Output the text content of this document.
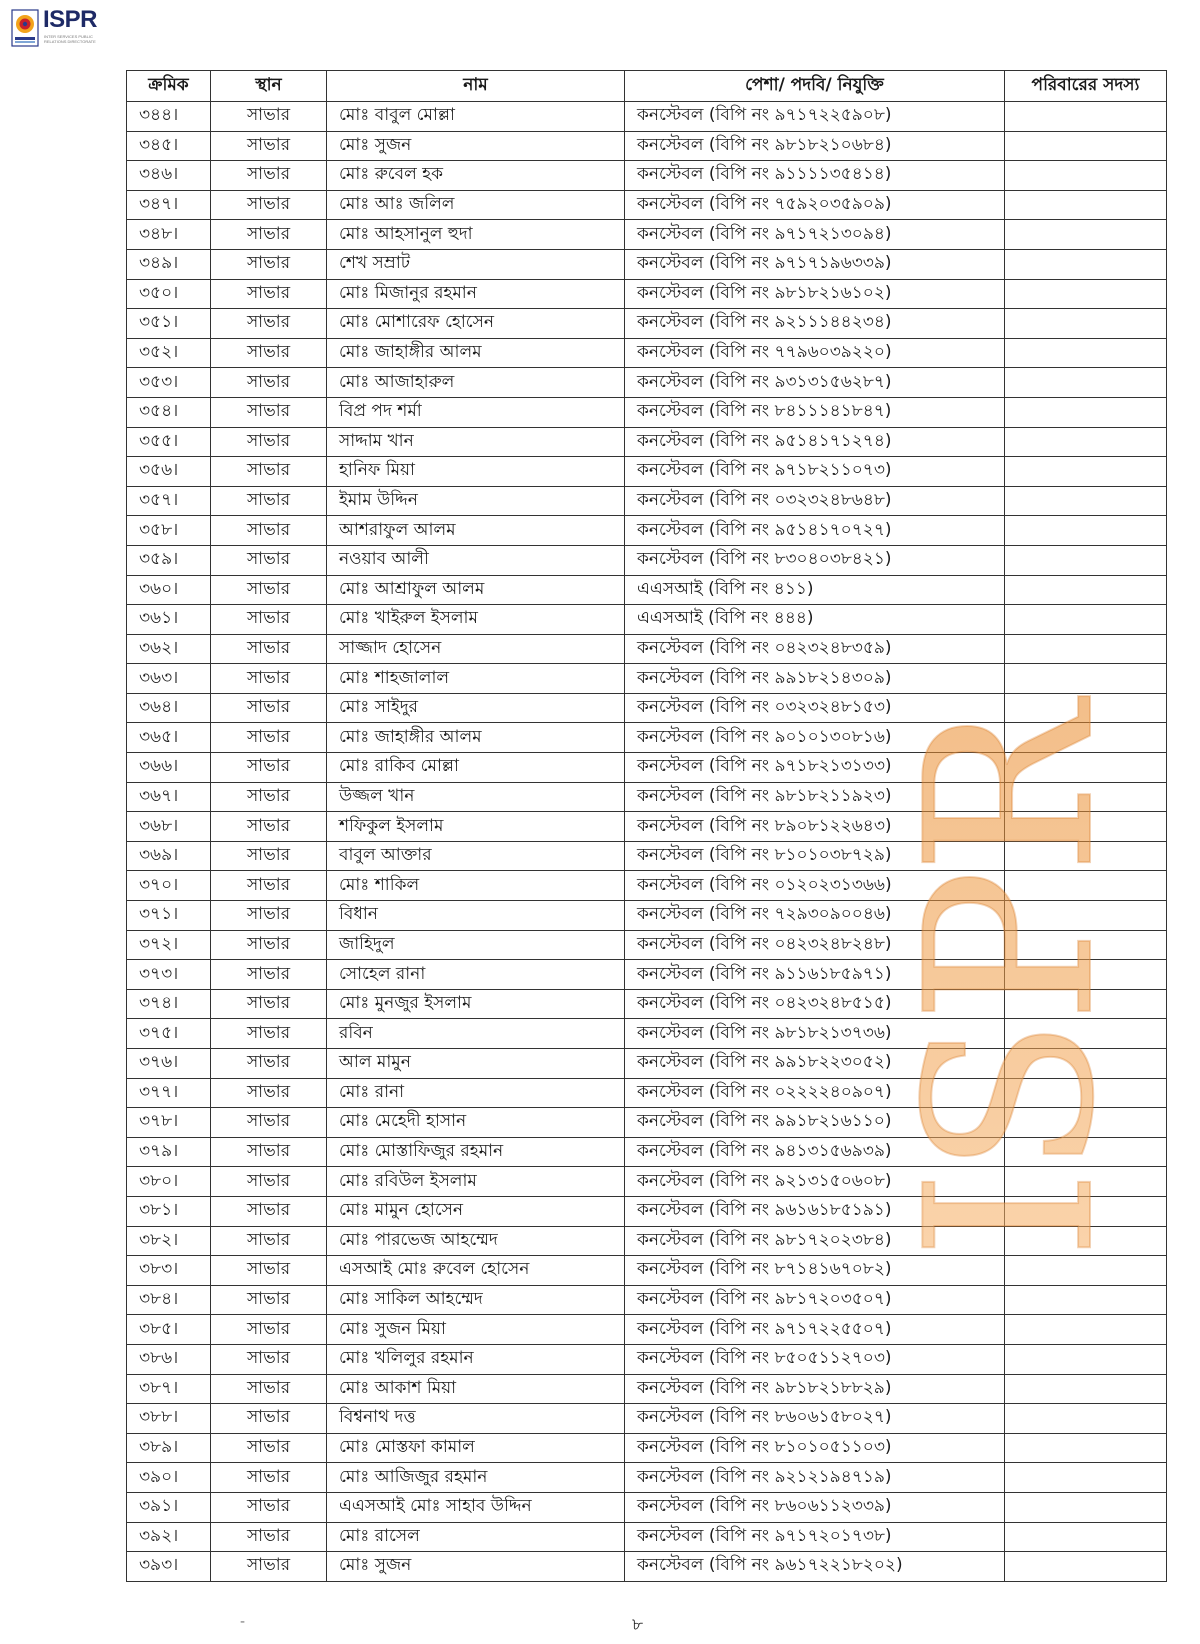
ISPR
INTER SERVICES PUBLIC RELATIONS DIRECTORATE
ক্রমিক	স্থান	নাম	পেশা/ পদবি/ নিযুক্তি	পরিবারের সদস্য
৩৪৪।	সাভার	মোঃ বাবুল মোল্লা	কনস্টেবল (বিপি নং ৯৭১৭২২৫৯০৮)	
৩৪৫।	সাভার	মোঃ সুজন	কনস্টেবল (বিপি নং ৯৮১৮২১০৬৮৪)	
৩৪৬।	সাভার	মোঃ রুবেল হক	কনস্টেবল (বিপি নং ৯১১১১৩৫৪১৪)	
৩৪৭।	সাভার	মোঃ আঃ জলিল	কনস্টেবল (বিপি নং ৭৫৯২০৩৫৯০৯)	
৩৪৮।	সাভার	মোঃ আহসানুল হুদা	কনস্টেবল (বিপি নং ৯৭১৭২১৩০৯৪)	
৩৪৯।	সাভার	শেখ সম্রাট	কনস্টেবল (বিপি নং ৯৭১৭১৯৬৩৩৯)	
৩৫০।	সাভার	মোঃ মিজানুর রহমান	কনস্টেবল (বিপি নং ৯৮১৮২১৬১০২)	
৩৫১।	সাভার	মোঃ মোশারেফ হোসেন	কনস্টেবল (বিপি নং ৯২১১১৪৪২৩৪)	
৩৫২।	সাভার	মোঃ জাহাঙ্গীর আলম	কনস্টেবল (বিপি নং ৭৭৯৬০৩৯২২০)	
৩৫৩।	সাভার	মোঃ আজাহারুল	কনস্টেবল (বিপি নং ৯৩১৩১৫৬২৮৭)	
৩৫৪।	সাভার	বিপ্র পদ শর্মা	কনস্টেবল (বিপি নং ৮৪১১১৪১৮৪৭)	
৩৫৫।	সাভার	সাদ্দাম খান	কনস্টেবল (বিপি নং ৯৫১৪১৭১২৭৪)	
৩৫৬।	সাভার	হানিফ মিয়া	কনস্টেবল (বিপি নং ৯৭১৮২১১০৭৩)	
৩৫৭।	সাভার	ইমাম উদ্দিন	কনস্টেবল (বিপি নং ০৩২৩২৪৮৬৪৮)	
৩৫৮।	সাভার	আশরাফুল আলম	কনস্টেবল (বিপি নং ৯৫১৪১৭০৭২৭)	
৩৫৯।	সাভার	নওয়াব আলী	কনস্টেবল (বিপি নং ৮৩০৪০৩৮৪২১)	
৩৬০।	সাভার	মোঃ আশ্রাফুল আলম	এএসআই (বিপি নং ৪১১)	
৩৬১।	সাভার	মোঃ খাইরুল ইসলাম	এএসআই (বিপি নং ৪৪৪)	
৩৬২।	সাভার	সাজ্জাদ হোসেন	কনস্টেবল (বিপি নং ০৪২৩২৪৮৩৫৯)	
৩৬৩।	সাভার	মোঃ শাহজালাল	কনস্টেবল (বিপি নং ৯৯১৮২১৪৩০৯)	
৩৬৪।	সাভার	মোঃ সাইদুর	কনস্টেবল (বিপি নং ০৩২৩২৪৮১৫৩)	
৩৬৫।	সাভার	মোঃ জাহাঙ্গীর আলম	কনস্টেবল (বিপি নং ৯০১০১৩০৮১৬)	
৩৬৬।	সাভার	মোঃ রাকিব মোল্লা	কনস্টেবল (বিপি নং ৯৭১৮২১৩১৩৩)	
৩৬৭।	সাভার	উজ্জল খান	কনস্টেবল (বিপি নং ৯৮১৮২১১৯২৩)	
৩৬৮।	সাভার	শফিকুল ইসলাম	কনস্টেবল (বিপি নং ৮৯০৮১২২৬৪৩)	
৩৬৯।	সাভার	বাবুল আক্তার	কনস্টেবল (বিপি নং ৮১০১০৩৮৭২৯)	
৩৭০।	সাভার	মোঃ শাকিল	কনস্টেবল (বিপি নং ০১২০২৩১৩৬৬)	
৩৭১।	সাভার	বিধান	কনস্টেবল (বিপি নং ৭২৯৩০৯০০৪৬)	
৩৭২।	সাভার	জাহিদুল	কনস্টেবল (বিপি নং ০৪২৩২৪৮২৪৮)	
৩৭৩।	সাভার	সোহেল রানা	কনস্টেবল (বিপি নং ৯১১৬১৮৫৯৭১)	
৩৭৪।	সাভার	মোঃ মুনজুর ইসলাম	কনস্টেবল (বিপি নং ০৪২৩২৪৮৫১৫)	
৩৭৫।	সাভার	রবিন	কনস্টেবল (বিপি নং ৯৮১৮২১৩৭৩৬)	
৩৭৬।	সাভার	আল মামুন	কনস্টেবল (বিপি নং ৯৯১৮২২৩০৫২)	
৩৭৭।	সাভার	মোঃ রানা	কনস্টেবল (বিপি নং ০২২২২৪০৯০৭)	
৩৭৮।	সাভার	মোঃ মেহেদী হাসান	কনস্টেবল (বিপি নং ৯৯১৮২১৬১১০)	
৩৭৯।	সাভার	মোঃ মোস্তাফিজুর রহমান	কনস্টেবল (বিপি নং ৯৪১৩১৫৬৯৩৯)	
৩৮০।	সাভার	মোঃ রবিউল ইসলাম	কনস্টেবল (বিপি নং ৯২১৩১৫০৬০৮)	
৩৮১।	সাভার	মোঃ মামুন হোসেন	কনস্টেবল (বিপি নং ৯৬১৬১৮৫১৯১)	
৩৮২।	সাভার	মোঃ পারভেজ আহম্মেদ	কনস্টেবল (বিপি নং ৯৮১৭২০২৩৮৪)	
৩৮৩।	সাভার	এসআই মোঃ রুবেল হোসেন	কনস্টেবল (বিপি নং ৮৭১৪১৬৭০৮২)	
৩৮৪।	সাভার	মোঃ সাকিল আহম্মেদ	কনস্টেবল (বিপি নং ৯৮১৭২০৩৫০৭)	
৩৮৫।	সাভার	মোঃ সুজন মিয়া	কনস্টেবল (বিপি নং ৯৭১৭২২৫৫০৭)	
৩৮৬।	সাভার	মোঃ খলিলুর রহমান	কনস্টেবল (বিপি নং ৮৫০৫১১২৭০৩)	
৩৮৭।	সাভার	মোঃ আকাশ মিয়া	কনস্টেবল (বিপি নং ৯৮১৮২১৮৮২৯)	
৩৮৮।	সাভার	বিশ্বনাথ দত্ত	কনস্টেবল (বিপি নং ৮৬০৬১৫৮০২৭)	
৩৮৯।	সাভার	মোঃ মোস্তফা কামাল	কনস্টেবল (বিপি নং ৮১০১০৫১১০৩)	
৩৯০।	সাভার	মোঃ আজিজুর রহমান	কনস্টেবল (বিপি নং ৯২১২১৯৪৭১৯)	
৩৯১।	সাভার	এএসআই মোঃ সাহাব উদ্দিন	কনস্টেবল (বিপি নং ৮৬০৬১১২৩৩৯)	
৩৯২।	সাভার	মোঃ রাসেল	কনস্টেবল (বিপি নং ৯৭১৭২০১৭৩৮)	
৩৯৩।	সাভার	মোঃ সুজন	কনস্টেবল (বিপি নং ৯৬১৭২২১৮২০২)	
ISPR
-	৮
